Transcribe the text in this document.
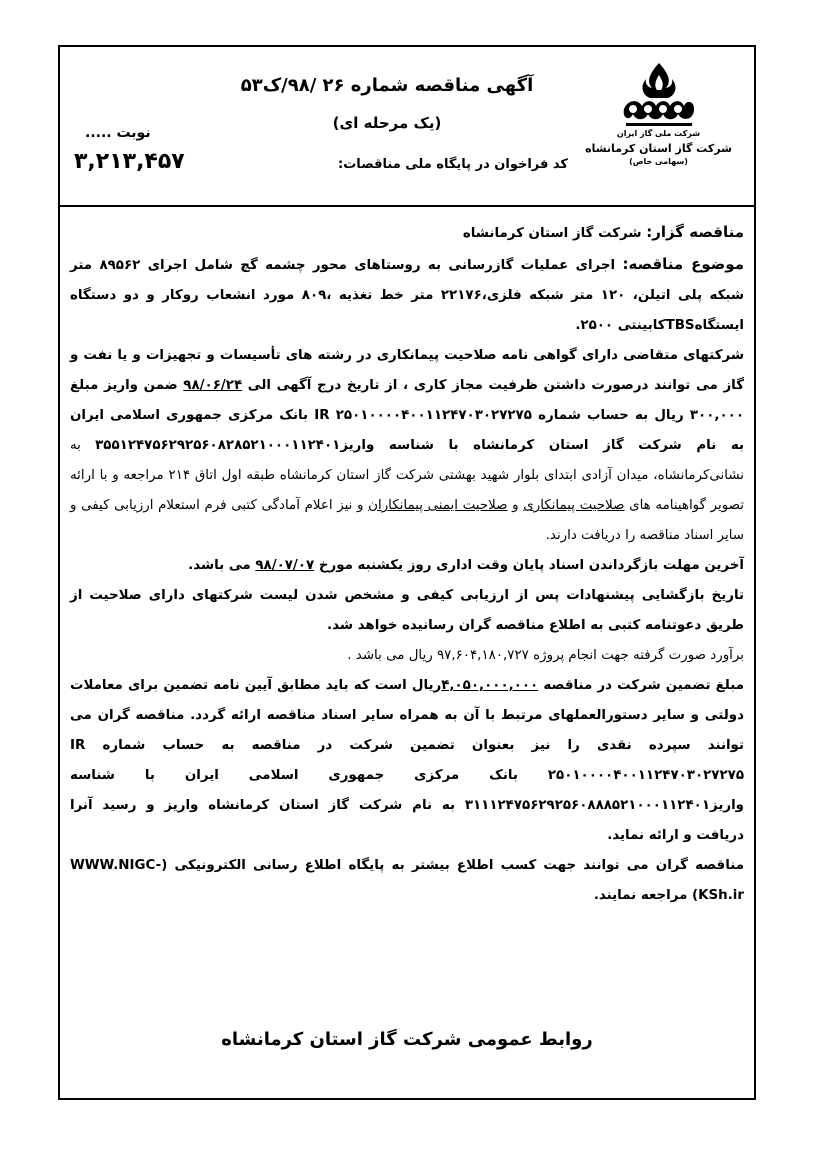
شرکت ملی گاز ایران
شرکت گاز استان کرمانشاه
(سهامی خاص)
آگهی مناقصه شماره ۲۶ /۹۸/ک۵۳
(یک مرحله ای)
نوبت .....
کد فراخوان در پایگاه ملی مناقصات:
۳,۲۱۳,۴۵۷

مناقصه گزار: شرکت گاز استان کرمانشاه

موضوع مناقصه: اجرای عملیات گازرسانی به روستاهای محور چشمه گچ شامل اجرای ۸۹۵۶۲ متر شبکه پلی اتیلن، ۱۲۰ متر شبکه فلزی،۲۲۱۷۶ متر خط تغذیه ،۸۰۹ مورد انشعاب روکار و دو دستگاه ایستگاهTBSکابینتی ۲۵۰۰.

شرکتهای متقاضی دارای گواهی نامه صلاحیت پیمانکاری در رشته های تأسیسات و تجهیزات و یا نفت و گاز می توانند درصورت داشتن ظرفیت مجاز کاری ، از تاریخ درج آگهی الی ۹۸/۰۶/۲۴ ضمن واریز مبلغ ۳۰۰,۰۰۰ ریال به حساب شماره IR ۲۵۰۱۰۰۰۰۴۰۰۱۱۲۴۷۰۳۰۲۷۲۷۵ بانک مرکزی جمهوری اسلامی ایران به نام شرکت گاز استان کرمانشاه با شناسه واریز۳۵۵۱۲۴۷۵۶۲۹۲۵۶۰۸۲۸۵۲۱۰۰۰۱۱۲۴۰۱ به نشانی‌کرمانشاه، میدان آزادی ابتدای بلوار شهید بهشتی شرکت گاز استان کرمانشاه طبقه اول اتاق ۲۱۴ مراجعه و با ارائه تصویر گواهینامه های صلاحیت پیمانکاری و صلاحیت ایمنی پیمانکاران و نیز اعلام آمادگی کتبی فرم استعلام ارزیابی کیفی و سایر اسناد مناقصه را دریافت دارند.

آخرین مهلت بازگرداندن اسناد پایان وقت اداری روز یکشنبه مورخ ۹۸/۰۷/۰۷ می باشد.

تاریخ بازگشایی پیشنهادات پس از ارزیابی کیفی و مشخص شدن لیست شرکتهای دارای صلاحیت از طریق دعوتنامه کتبی به اطلاع مناقصه گران رسانیده خواهد شد.

برآورد صورت گرفته جهت انجام پروژه ۹۷,۶۰۴,۱۸۰,۷۲۷ ریال می باشد .

مبلغ تضمین شرکت در مناقصه ۴,۰۵۰,۰۰۰,۰۰۰ریال است که باید مطابق آیین نامه تضمین برای معاملات دولتی و سایر دستورالعملهای مرتبط با آن به همراه سایر اسناد مناقصه ارائه گردد. مناقصه گران می توانند سپرده نقدی را نیز بعنوان تضمین شرکت در مناقصه به حساب شماره IR ۲۵۰۱۰۰۰۰۴۰۰۱۱۲۴۷۰۳۰۲۷۲۷۵ بانک مرکزی جمهوری اسلامی ایران با شناسه واریز۳۱۱۱۲۴۷۵۶۲۹۲۵۶۰۸۸۸۵۲۱۰۰۰۱۱۲۴۰۱ به نام شرکت گاز استان کرمانشاه واریز و رسید آنرا دریافت و ارائه نماید.

مناقصه گران می توانند جهت کسب اطلاع بیشتر به پایگاه اطلاع رسانی الکترونیکی (WWW.NIGC-KSh.ir) مراجعه نمایند.

روابط عمومی شرکت گاز استان کرمانشاه
